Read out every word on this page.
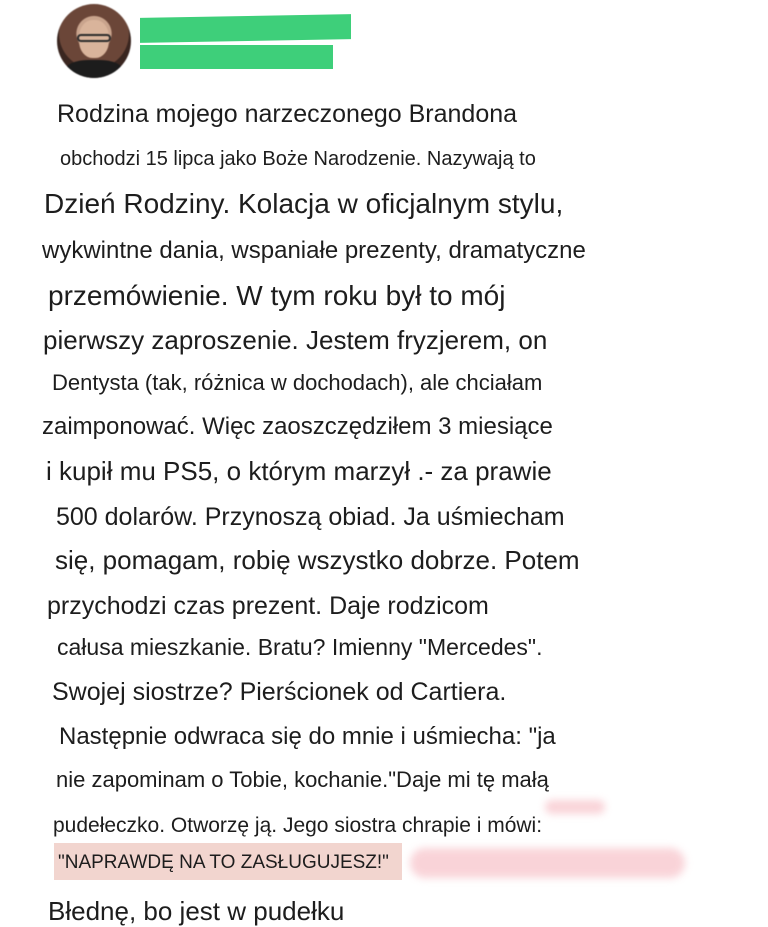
Rodzina mojego narzeczonego Brandona
obchodzi 15 lipca jako Boże Narodzenie. Nazywają to
Dzień Rodziny. Kolacja w oficjalnym stylu,
wykwintne dania, wspaniałe prezenty, dramatyczne
przemówienie. W tym roku był to mój
pierwszy zaproszenie. Jestem fryzjerem, on
Dentysta (tak, różnica w dochodach), ale chciałam
zaimponować. Więc zaoszczędziłem 3 miesiące
i kupił mu PS5, o którym marzył .- za prawie
500 dolarów. Przynoszą obiad. Ja uśmiecham
się, pomagam, robię wszystko dobrze. Potem
przychodzi czas prezent. Daje rodzicom
całusa mieszkanie. Bratu? Imienny "Mercedes".
Swojej siostrze? Pierścionek od Cartiera.
Następnie odwraca się do mnie i uśmiecha: "ja
nie zapominam o Tobie, kochanie."Daje mi tę małą
pudełeczko. Otworzę ją. Jego siostra chrapie i mówi:
"NAPRAWDĘ NA TO ZASŁUGUJESZ!"
Błednę, bo jest w pudełku
